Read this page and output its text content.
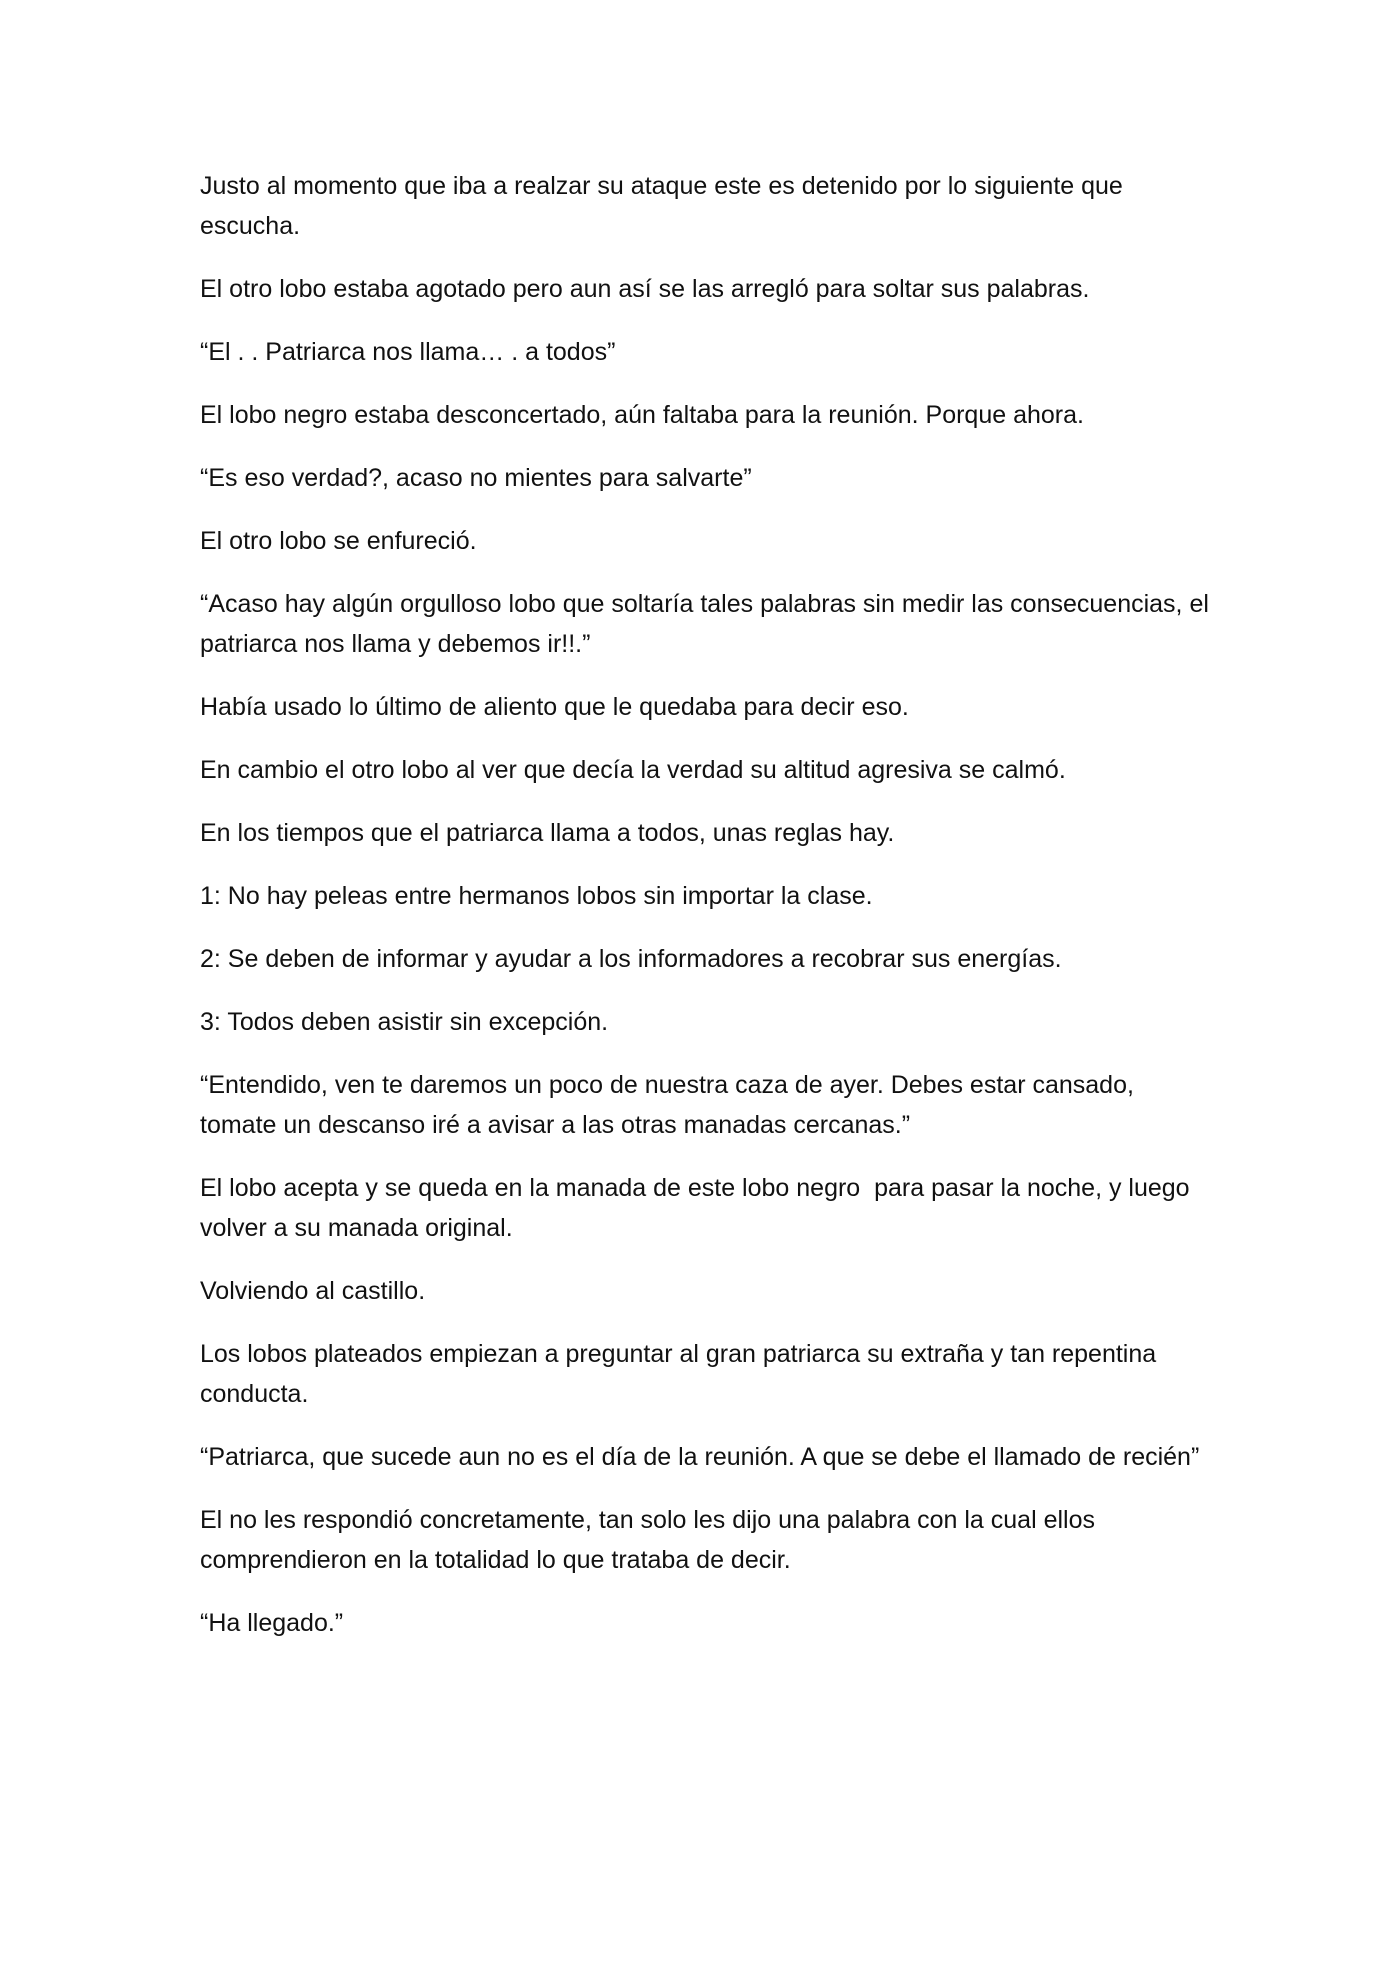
Justo al momento que iba a realzar su ataque este es detenido por lo siguiente que escucha.

El otro lobo estaba agotado pero aun así se las arregló para soltar sus palabras.

“El . . Patriarca nos llama… . a todos”

El lobo negro estaba desconcertado, aún faltaba para la reunión. Porque ahora.

“Es eso verdad?, acaso no mientes para salvarte”

El otro lobo se enfureció.

“Acaso hay algún orgulloso lobo que soltaría tales palabras sin medir las consecuencias, el patriarca nos llama y debemos ir!!.”

Había usado lo último de aliento que le quedaba para decir eso.

En cambio el otro lobo al ver que decía la verdad su altitud agresiva se calmó.

En los tiempos que el patriarca llama a todos, unas reglas hay.

1: No hay peleas entre hermanos lobos sin importar la clase.

2: Se deben de informar y ayudar a los informadores a recobrar sus energías.

3: Todos deben asistir sin excepción.

“Entendido, ven te daremos un poco de nuestra caza de ayer. Debes estar cansado, tomate un descanso iré a avisar a las otras manadas cercanas.”

El lobo acepta y se queda en la manada de este lobo negro  para pasar la noche, y luego volver a su manada original.

Volviendo al castillo.

Los lobos plateados empiezan a preguntar al gran patriarca su extraña y tan repentina conducta.

“Patriarca, que sucede aun no es el día de la reunión. A que se debe el llamado de recién”

El no les respondió concretamente, tan solo les dijo una palabra con la cual ellos comprendieron en la totalidad lo que trataba de decir.

“Ha llegado.”
